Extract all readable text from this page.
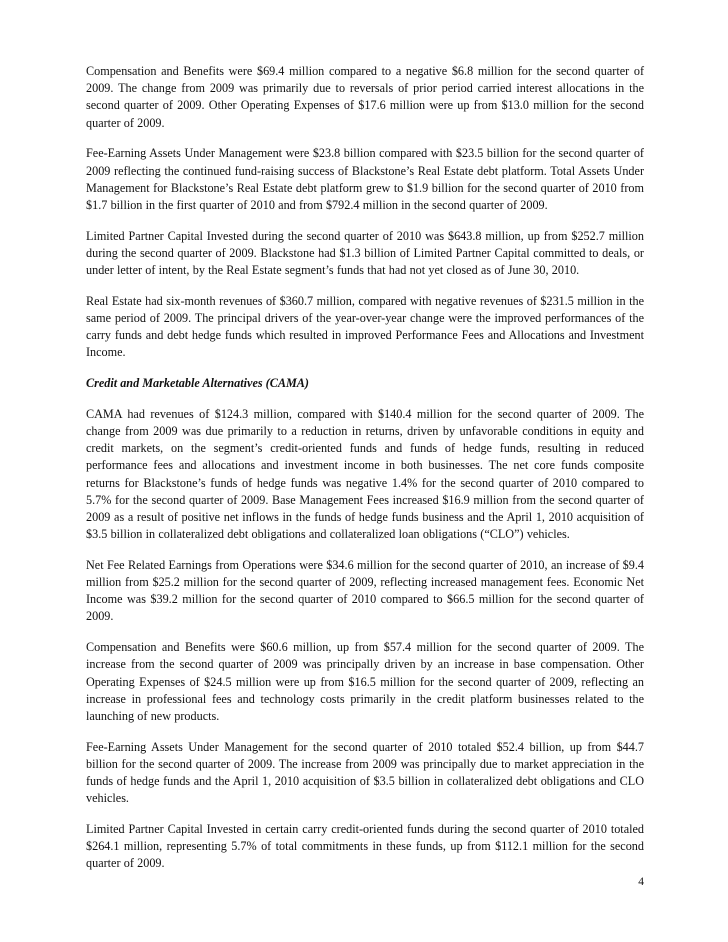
Compensation and Benefits were $69.4 million compared to a negative $6.8 million for the second quarter of 2009. The change from 2009 was primarily due to reversals of prior period carried interest allocations in the second quarter of 2009. Other Operating Expenses of $17.6 million were up from $13.0 million for the second quarter of 2009.

Fee-Earning Assets Under Management were $23.8 billion compared with $23.5 billion for the second quarter of 2009 reflecting the continued fund-raising success of Blackstone’s Real Estate debt platform. Total Assets Under Management for Blackstone’s Real Estate debt platform grew to $1.9 billion for the second quarter of 2010 from $1.7 billion in the first quarter of 2010 and from $792.4 million in the second quarter of 2009.

Limited Partner Capital Invested during the second quarter of 2010 was $643.8 million, up from $252.7 million during the second quarter of 2009. Blackstone had $1.3 billion of Limited Partner Capital committed to deals, or under letter of intent, by the Real Estate segment’s funds that had not yet closed as of June 30, 2010.

Real Estate had six-month revenues of $360.7 million, compared with negative revenues of $231.5 million in the same period of 2009. The principal drivers of the year-over-year change were the improved performances of the carry funds and debt hedge funds which resulted in improved Performance Fees and Allocations and Investment Income.

Credit and Marketable Alternatives (CAMA)

CAMA had revenues of $124.3 million, compared with $140.4 million for the second quarter of 2009. The change from 2009 was due primarily to a reduction in returns, driven by unfavorable conditions in equity and credit markets, on the segment’s credit-oriented funds and funds of hedge funds, resulting in reduced performance fees and allocations and investment income in both businesses. The net core funds composite returns for Blackstone’s funds of hedge funds was negative 1.4% for the second quarter of 2010 compared to 5.7% for the second quarter of 2009. Base Management Fees increased $16.9 million from the second quarter of 2009 as a result of positive net inflows in the funds of hedge funds business and the April 1, 2010 acquisition of $3.5 billion in collateralized debt obligations and collateralized loan obligations (“CLO”) vehicles.

Net Fee Related Earnings from Operations were $34.6 million for the second quarter of 2010, an increase of $9.4 million from $25.2 million for the second quarter of 2009, reflecting increased management fees. Economic Net Income was $39.2 million for the second quarter of 2010 compared to $66.5 million for the second quarter of 2009.

Compensation and Benefits were $60.6 million, up from $57.4 million for the second quarter of 2009. The increase from the second quarter of 2009 was principally driven by an increase in base compensation. Other Operating Expenses of $24.5 million were up from $16.5 million for the second quarter of 2009, reflecting an increase in professional fees and technology costs primarily in the credit platform businesses related to the launching of new products.

Fee-Earning Assets Under Management for the second quarter of 2010 totaled $52.4 billion, up from $44.7 billion for the second quarter of 2009. The increase from 2009 was principally due to market appreciation in the funds of hedge funds and the April 1, 2010 acquisition of $3.5 billion in collateralized debt obligations and CLO vehicles.

Limited Partner Capital Invested in certain carry credit-oriented funds during the second quarter of 2010 totaled $264.1 million, representing 5.7% of total commitments in these funds, up from $112.1 million for the second quarter of 2009.

4
